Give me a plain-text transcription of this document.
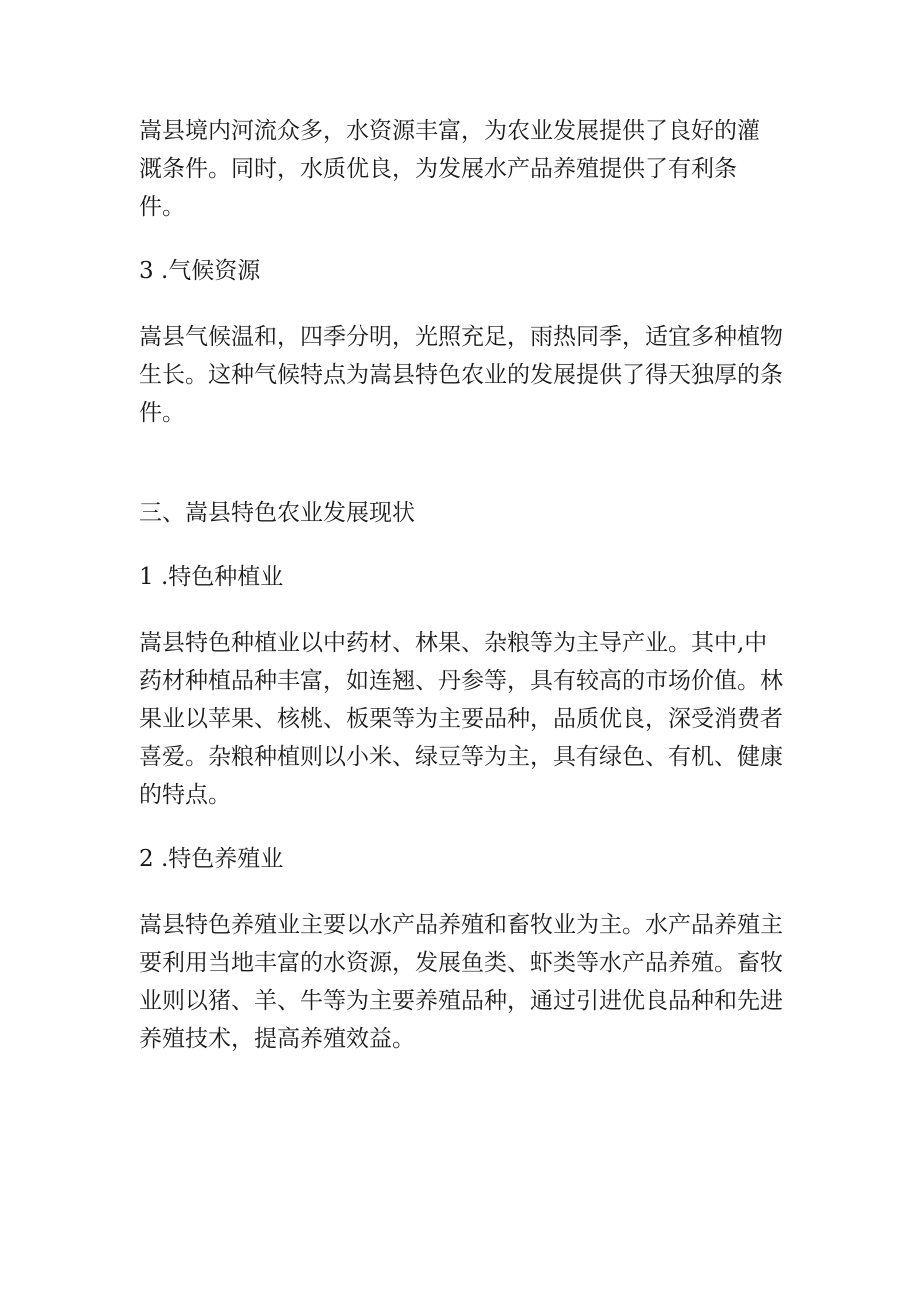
嵩县境内河流众多，水资源丰富，为农业发展提供了良好的灌
溉条件。同时，水质优良，为发展水产品养殖提供了有利条
件。

3 .气候资源

嵩县气候温和，四季分明，光照充足，雨热同季，适宜多种植物
生长。这种气候特点为嵩县特色农业的发展提供了得天独厚的条
件。

三、嵩县特色农业发展现状

1 .特色种植业

嵩县特色种植业以中药材、林果、杂粮等为主导产业。其中,中
药材种植品种丰富，如连翘、丹参等，具有较高的市场价值。林
果业以苹果、核桃、板栗等为主要品种，品质优良，深受消费者
喜爱。杂粮种植则以小米、绿豆等为主，具有绿色、有机、健康
的特点。

2 .特色养殖业

嵩县特色养殖业主要以水产品养殖和畜牧业为主。水产品养殖主
要利用当地丰富的水资源，发展鱼类、虾类等水产品养殖。畜牧
业则以猪、羊、牛等为主要养殖品种，通过引进优良品种和先进
养殖技术，提高养殖效益。
